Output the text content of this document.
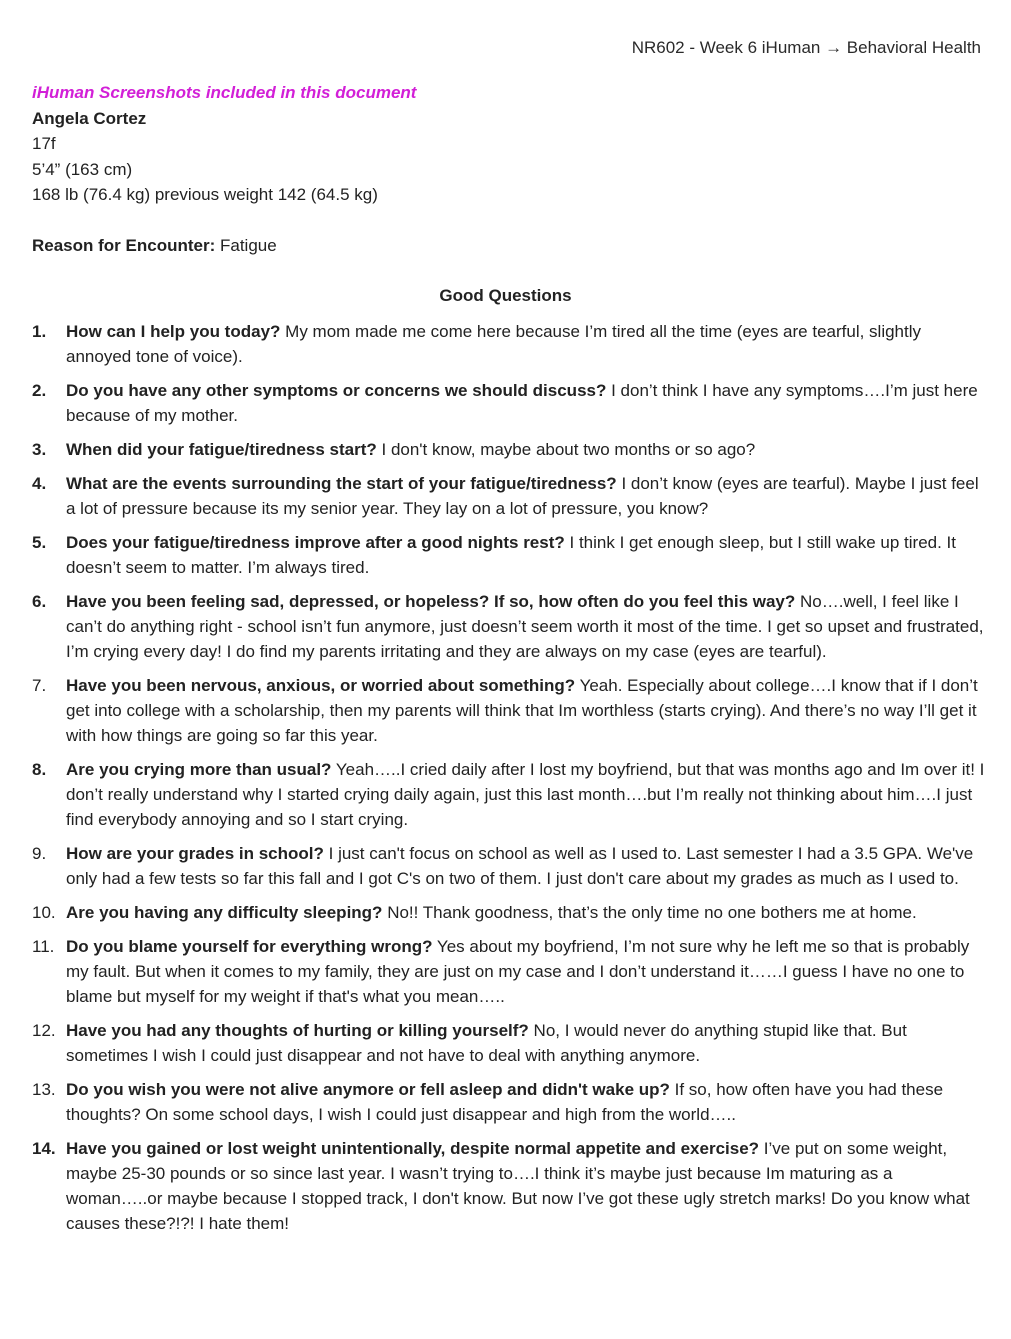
NR602 - Week 6 iHuman → Behavioral Health
iHuman Screenshots included in this document
Angela Cortez
17f
5’4” (163 cm)
168 lb (76.4 kg) previous weight 142 (64.5 kg)
Reason for Encounter: Fatigue
Good Questions
1. How can I help you today? My mom made me come here because I’m tired all the time (eyes are tearful, slightly annoyed tone of voice).
2. Do you have any other symptoms or concerns we should discuss? I don’t think I have any symptoms….I’m just here because of my mother.
3. When did your fatigue/tiredness start? I don't know, maybe about two months or so ago?
4. What are the events surrounding the start of your fatigue/tiredness? I don’t know (eyes are tearful). Maybe I just feel a lot of pressure because its my senior year. They lay on a lot of pressure, you know?
5. Does your fatigue/tiredness improve after a good nights rest? I think I get enough sleep, but I still wake up tired. It doesn’t seem to matter. I’m always tired.
6. Have you been feeling sad, depressed, or hopeless? If so, how often do you feel this way? No….well, I feel like I can’t do anything right - school isn’t fun anymore, just doesn’t seem worth it most of the time. I get so upset and frustrated, I’m crying every day! I do find my parents irritating and they are always on my case (eyes are tearful).
7. Have you been nervous, anxious, or worried about something? Yeah. Especially about college….I know that if I don’t get into college with a scholarship, then my parents will think that Im worthless (starts crying). And there’s no way I’ll get it with how things are going so far this year.
8. Are you crying more than usual? Yeah…..I cried daily after I lost my boyfriend, but that was months ago and Im over it! I don’t really understand why I started crying daily again, just this last month….but I’m really not thinking about him….I just find everybody annoying and so I start crying.
9. How are your grades in school? I just can't focus on school as well as I used to. Last semester I had a 3.5 GPA. We've only had a few tests so far this fall and I got C's on two of them. I just don't care about my grades as much as I used to.
10. Are you having any difficulty sleeping? No!! Thank goodness, that’s the only time no one bothers me at home.
11. Do you blame yourself for everything wrong? Yes about my boyfriend, I’m not sure why he left me so that is probably my fault. But when it comes to my family, they are just on my case and I don’t understand it……I guess I have no one to blame but myself for my weight if that's what you mean…..
12. Have you had any thoughts of hurting or killing yourself? No, I would never do anything stupid like that. But sometimes I wish I could just disappear and not have to deal with anything anymore.
13. Do you wish you were not alive anymore or fell asleep and didn't wake up? If so, how often have you had these thoughts? On some school days, I wish I could just disappear and high from the world…..
14. Have you gained or lost weight unintentionally, despite normal appetite and exercise? I’ve put on some weight, maybe 25-30 pounds or so since last year. I wasn’t trying to….I think it’s maybe just because Im maturing as a woman…..or maybe because I stopped track, I don't know. But now I’ve got these ugly stretch marks! Do you know what causes these?!?! I hate them!
